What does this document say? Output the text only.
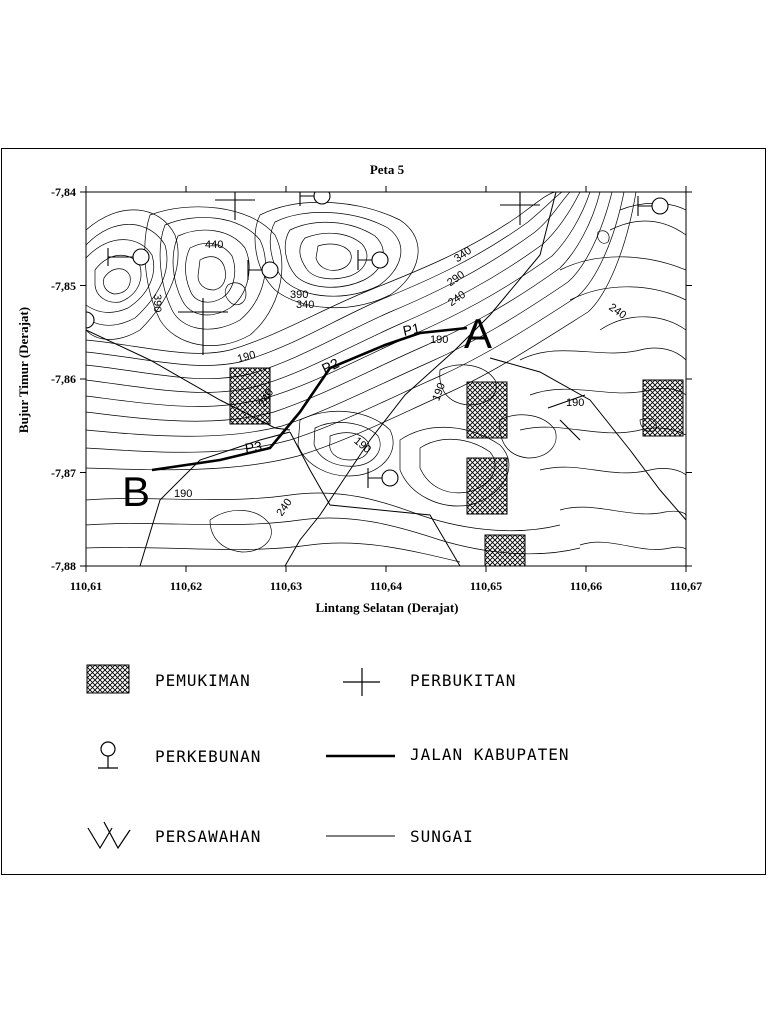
Peta 5
440
390
340
390
340
290
240
190
190
240	190
190
240
190
240
190
P1
P2
P3
A
B
110,61	110,62	110,63	110,64	110,65	110,66	110,67
-7,84
-7,85
-7,86
-7,87
-7,88
Lintang Selatan (Derajat)
Bujur Timur (Derajat)
PEMUKIMAN	PERBUKITAN
PERKEBUNAN	JALAN KABUPATEN
PERSAWAHAN	SUNGAI
